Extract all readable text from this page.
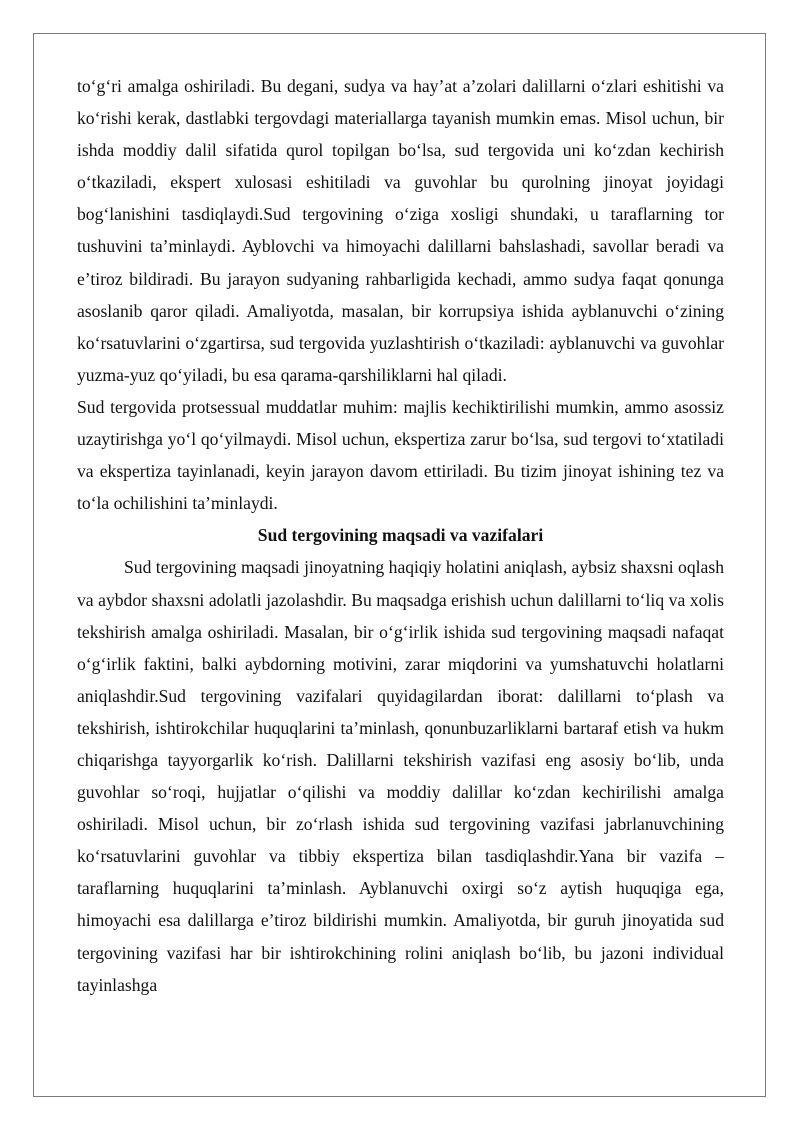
to‘g‘ri amalga oshiriladi. Bu degani, sudya va hay’at a’zolari dalillarni o‘zlari eshitishi va ko‘rishi kerak, dastlabki tergovdagi materiallarga tayanish mumkin emas. Misol uchun, bir ishda moddiy dalil sifatida qurol topilgan bo‘lsa, sud tergovida uni ko‘zdan kechirish o‘tkaziladi, ekspert xulosasi eshitiladi va guvohlar bu qurolning jinoyat joyidagi bog‘lanishini tasdiqlaydi.Sud tergovining o‘ziga xosligi shundaki, u taraflarning tor tushuvini ta’minlaydi. Ayblovchi va himoyachi dalillarni bahslashadi, savollar beradi va e’tiroz bildiradi. Bu jarayon sudyaning rahbarligida kechadi, ammo sudya faqat qonunga asoslanib qaror qiladi. Amaliyotda, masalan, bir korrupsiya ishida ayblanuvchi o‘zining ko‘rsatuvlarini o‘zgartirsa, sud tergovida yuzlashtirish o‘tkaziladi: ayblanuvchi va guvohlar yuzma-yuz qo‘yiladi, bu esa qarama-qarshiliklarni hal qiladi.

Sud tergovida protsessual muddatlar muhim: majlis kechiktirilishi mumkin, ammo asossiz uzaytirishga yo‘l qo‘yilmaydi. Misol uchun, ekspertiza zarur bo‘lsa, sud tergovi to‘xtatiladi va ekspertiza tayinlanadi, keyin jarayon davom ettiriladi. Bu tizim jinoyat ishining tez va to‘la ochilishini ta’minlaydi.

Sud tergovining maqsadi va vazifalari

Sud tergovining maqsadi jinoyatning haqiqiy holatini aniqlash, aybsiz shaxsni oqlash va aybdor shaxsni adolatli jazolashdir. Bu maqsadga erishish uchun dalillarni to‘liq va xolis tekshirish amalga oshiriladi. Masalan, bir o‘g‘irlik ishida sud tergovining maqsadi nafaqat o‘g‘irlik faktini, balki aybdorning motivini, zarar miqdorini va yumshatuvchi holatlarni aniqlashdir.Sud tergovining vazifalari quyidagilardan iborat: dalillarni to‘plash va tekshirish, ishtirokchilar huquqlarini ta’minlash, qonunbuzarliklarni bartaraf etish va hukm chiqarishga tayyorgarlik ko‘rish. Dalillarni tekshirish vazifasi eng asosiy bo‘lib, unda guvohlar so‘roqi, hujjatlar o‘qilishi va moddiy dalillar ko‘zdan kechirilishi amalga oshiriladi. Misol uchun, bir zo‘rlash ishida sud tergovining vazifasi jabrlanuvchining ko‘rsatuvlarini guvohlar va tibbiy ekspertiza bilan tasdiqlashdir.Yana bir vazifa – taraflarning huquqlarini ta’minlash. Ayblanuvchi oxirgi so‘z aytish huquqiga ega, himoyachi esa dalillarga e’tiroz bildirishi mumkin. Amaliyotda, bir guruh jinoyatida sud tergovining vazifasi har bir ishtirokchining rolini aniqlash bo‘lib, bu jazoni individual tayinlashga
